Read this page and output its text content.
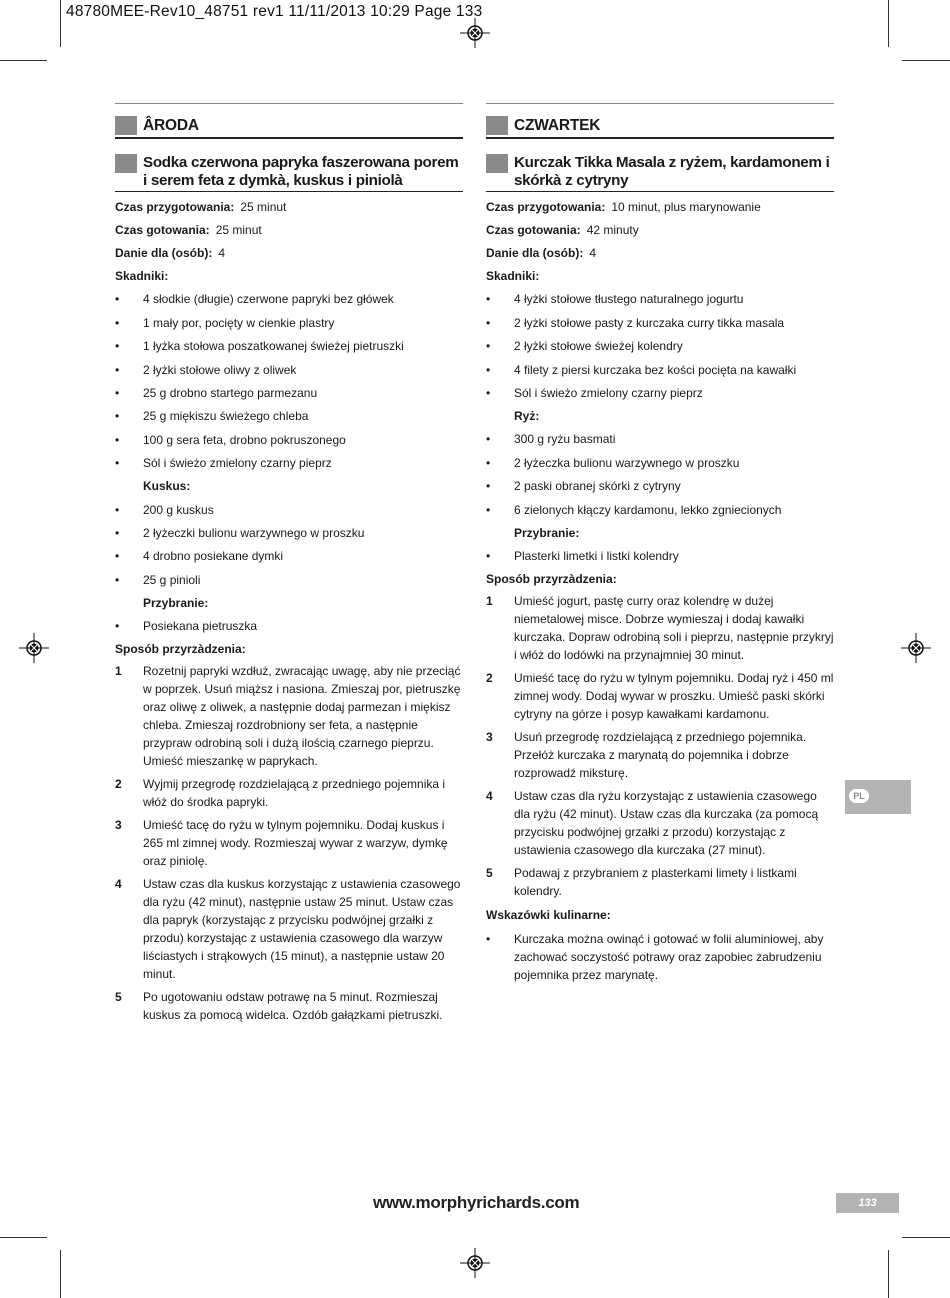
48780MEE-Rev10_48751 rev1 11/11/2013 10:29 Page 133
ÂRODA
Sodka czerwona papryka faszerowana porem i serem feta z dymkà, kuskus i piniolà
Czas przygotowania: 25 minut
Czas gotowania: 25 minut
Danie dla (osób): 4
Skadniki:
• 4 słodkie (długie) czerwone papryki bez główek
• 1 mały por, pocięty w cienkie plastry
• 1 łyżka stołowa poszatkowanej świeżej pietruszki
• 2 łyżki stołowe oliwy z oliwek
• 25 g drobno startego parmezanu
• 25 g miękiszu świeżego chleba
• 100 g sera feta, drobno pokruszonego
• Sól i świeżo zmielony czarny pieprz
Kuskus:
• 200 g kuskus
• 2 łyżeczki bulionu warzywnego w proszku
• 4 drobno posiekane dymki
• 25 g pinioli
Przybranie:
• Posiekana pietruszka
Sposób przyrzàdzenia:
1 Rozetnij papryki wzdłuż, zwracając uwagę, aby nie przeciąć w poprzek. Usuń miąższ i nasiona. Zmieszaj por, pietruszkę oraz oliwę z oliwek, a następnie dodaj parmezan i miękisz chleba. Zmieszaj rozdrobniony ser feta, a następnie przypraw odrobiną soli i dużą ilością czarnego pieprzu. Umieść mieszankę w paprykach.
2 Wyjmij przegrodę rozdzielającą z przedniego pojemnika i włóż do środka papryki.
3 Umieść tacę do ryżu w tylnym pojemniku. Dodaj kuskus i 265 ml zimnej wody. Rozmieszaj wywar z warzyw, dymkę oraz piniolę.
4 Ustaw czas dla kuskus korzystając z ustawienia czasowego dla ryżu (42 minut), następnie ustaw 25 minut. Ustaw czas dla papryk (korzystając z przycisku podwójnej grzałki z przodu) korzystając z ustawienia czasowego dla warzyw liściastych i strąkowych (15 minut), a następnie ustaw 20 minut.
5 Po ugotowaniu odstaw potrawę na 5 minut. Rozmieszaj kuskus za pomocą widelca. Ozdób gałązkami pietruszki.
CZWARTEK
Kurczak Tikka Masala z ryżem, kardamonem i skórkà z cytryny
Czas przygotowania: 10 minut, plus marynowanie
Czas gotowania: 42 minuty
Danie dla (osób): 4
Skadniki:
• 4 łyżki stołowe tłustego naturalnego jogurtu
• 2 łyżki stołowe pasty z kurczaka curry tikka masala
• 2 łyżki stołowe świeżej kolendry
• 4 filety z piersi kurczaka bez kości pocięta na kawałki
• Sól i świeżo zmielony czarny pieprz
Ryż:
• 300 g ryżu basmati
• 2 łyżeczka bulionu warzywnego w proszku
• 2 paski obranej skórki z cytryny
• 6 zielonych kłączy kardamonu, lekko zgniecionych
Przybranie:
• Plasterki limetki i listki kolendry
Sposób przyrzàdzenia:
1 Umieść jogurt, pastę curry oraz kolendrę w dużej niemetalowej misce. Dobrze wymieszaj i dodaj kawałki kurczaka. Dopraw odrobiną soli i pieprzu, następnie przykryj i włóż do lodówki na przynajmniej 30 minut.
2 Umieść tacę do ryżu w tylnym pojemniku. Dodaj ryż i 450 ml zimnej wody. Dodaj wywar w proszku. Umieść paski skórki cytryny na górze i posyp kawałkami kardamonu.
3 Usuń przegrodę rozdzielającą z przedniego pojemnika. Przełóż kurczaka z marynatą do pojemnika i dobrze rozprowadź miksturę.
4 Ustaw czas dla ryżu korzystając z ustawienia czasowego dla ryżu (42 minut). Ustaw czas dla kurczaka (za pomocą przycisku podwójnej grzałki z przodu) korzystając z ustawienia czasowego dla kurczaka (27 minut).
5 Podawaj z przybraniem z plasterkami limety i listkami kolendry.
Wskazówki kulinarne:
• Kurczaka można owinąć i gotować w folii aluminiowej, aby zachować soczystość potrawy oraz zapobiec zabrudzeniu pojemnika przez marynatę.
PL
www.morphyrichards.com	133
